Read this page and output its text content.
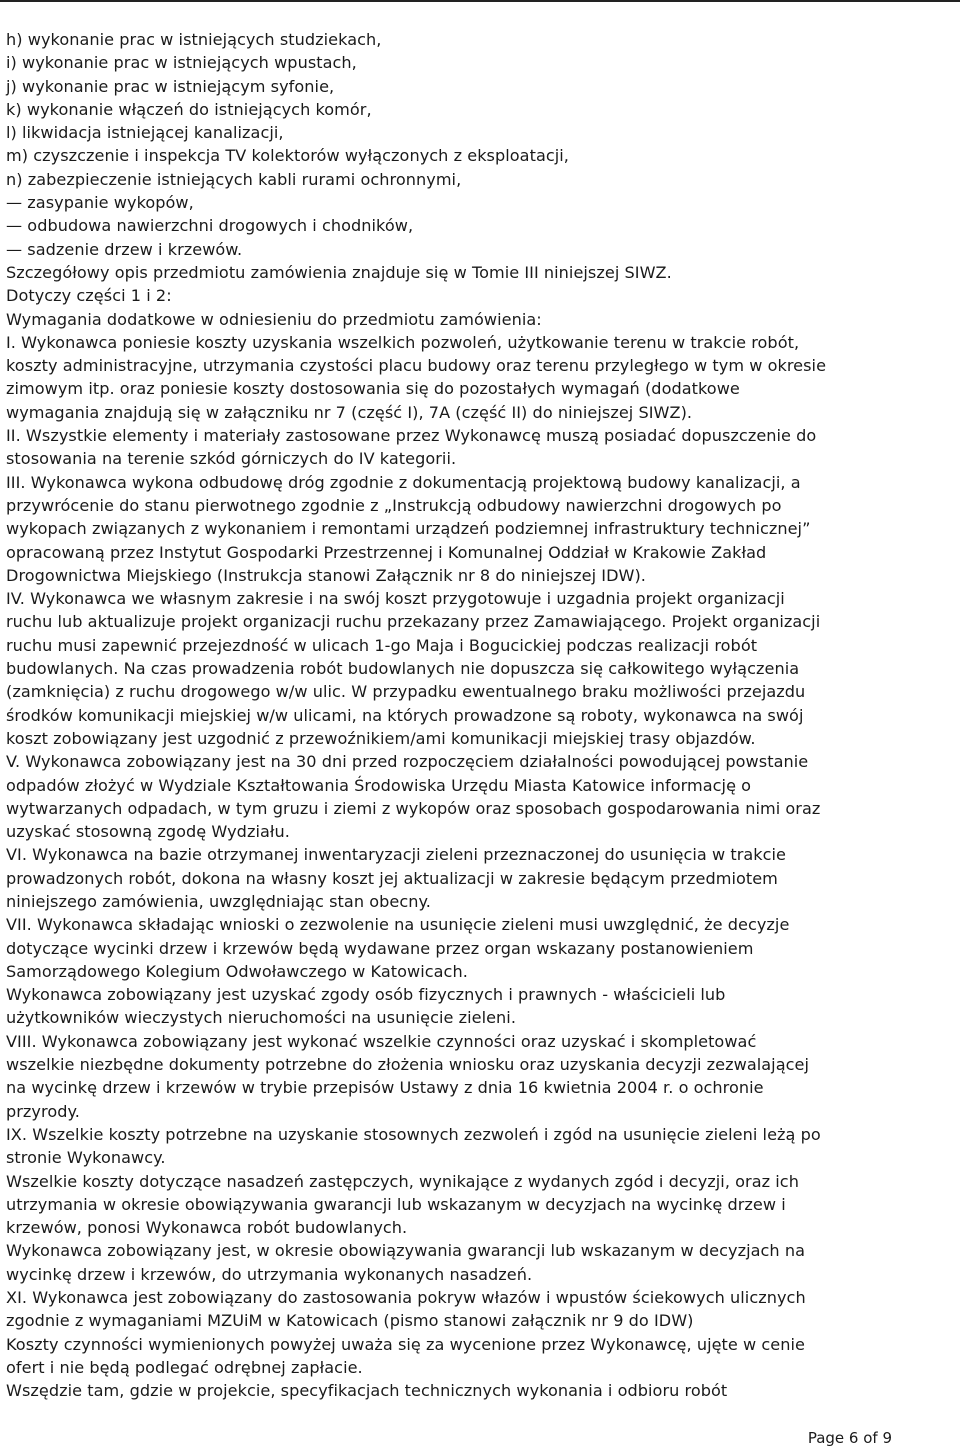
h) wykonanie prac w istniejących studziekach,
i) wykonanie prac w istniejących wpustach,
j) wykonanie prac w istniejącym syfonie,
k) wykonanie włączeń do istniejących komór,
l) likwidacja istniejącej kanalizacji,
m) czyszczenie i inspekcja TV kolektorów wyłączonych z eksploatacji,
n) zabezpieczenie istniejących kabli rurami ochronnymi,
— zasypanie wykopów,
— odbudowa nawierzchni drogowych i chodników,
— sadzenie drzew i krzewów.
Szczegółowy opis przedmiotu zamówienia znajduje się w Tomie III niniejszej SIWZ.
Dotyczy części 1 i 2:
Wymagania dodatkowe w odniesieniu do przedmiotu zamówienia:
I. Wykonawca poniesie koszty uzyskania wszelkich pozwoleń, użytkowanie terenu w trakcie robót,
koszty administracyjne, utrzymania czystości placu budowy oraz terenu przyległego w tym w okresie
zimowym itp. oraz poniesie koszty dostosowania się do pozostałych wymagań (dodatkowe
wymagania znajdują się w załączniku nr 7 (część I), 7A (część II) do niniejszej SIWZ).
II. Wszystkie elementy i materiały zastosowane przez Wykonawcę muszą posiadać dopuszczenie do
stosowania na terenie szkód górniczych do IV kategorii.
III. Wykonawca wykona odbudowę dróg zgodnie z dokumentacją projektową budowy kanalizacji, a
przywrócenie do stanu pierwotnego zgodnie z „Instrukcją odbudowy nawierzchni drogowych po
wykopach związanych z wykonaniem i remontami urządzeń podziemnej infrastruktury technicznej”
opracowaną przez Instytut Gospodarki Przestrzennej i Komunalnej Oddział w Krakowie Zakład
Drogownictwa Miejskiego (Instrukcja stanowi Załącznik nr 8 do niniejszej IDW).
IV. Wykonawca we własnym zakresie i na swój koszt przygotowuje i uzgadnia projekt organizacji
ruchu lub aktualizuje projekt organizacji ruchu przekazany przez Zamawiającego. Projekt organizacji
ruchu musi zapewnić przejezdność w ulicach 1-go Maja i Bogucickiej podczas realizacji robót
budowlanych. Na czas prowadzenia robót budowlanych nie dopuszcza się całkowitego wyłączenia
(zamknięcia) z ruchu drogowego w/w ulic. W przypadku ewentualnego braku możliwości przejazdu
środków komunikacji miejskiej w/w ulicami, na których prowadzone są roboty, wykonawca na swój
koszt zobowiązany jest uzgodnić z przewoźnikiem/ami komunikacji miejskiej trasy objazdów.
V. Wykonawca zobowiązany jest na 30 dni przed rozpoczęciem działalności powodującej powstanie
odpadów złożyć w Wydziale Kształtowania Środowiska Urzędu Miasta Katowice informację o
wytwarzanych odpadach, w tym gruzu i ziemi z wykopów oraz sposobach gospodarowania nimi oraz
uzyskać stosowną zgodę Wydziału.
VI. Wykonawca na bazie otrzymanej inwentaryzacji zieleni przeznaczonej do usunięcia w trakcie
prowadzonych robót, dokona na własny koszt jej aktualizacji w zakresie będącym przedmiotem
niniejszego zamówienia, uwzględniając stan obecny.
VII. Wykonawca składając wnioski o zezwolenie na usunięcie zieleni musi uwzględnić, że decyzje
dotyczące wycinki drzew i krzewów będą wydawane przez organ wskazany postanowieniem
Samorządowego Kolegium Odwoławczego w Katowicach.
Wykonawca zobowiązany jest uzyskać zgody osób fizycznych i prawnych - właścicieli lub
użytkowników wieczystych nieruchomości na usunięcie zieleni.
VIII. Wykonawca zobowiązany jest wykonać wszelkie czynności oraz uzyskać i skompletować
wszelkie niezbędne dokumenty potrzebne do złożenia wniosku oraz uzyskania decyzji zezwalającej
na wycinkę drzew i krzewów w trybie przepisów Ustawy z dnia 16 kwietnia 2004 r. o ochronie
przyrody.
IX. Wszelkie koszty potrzebne na uzyskanie stosownych zezwoleń i zgód na usunięcie zieleni leżą po
stronie Wykonawcy.
Wszelkie koszty dotyczące nasadzeń zastępczych, wynikające z wydanych zgód i decyzji, oraz ich
utrzymania w okresie obowiązywania gwarancji lub wskazanym w decyzjach na wycinkę drzew i
krzewów, ponosi Wykonawca robót budowlanych.
Wykonawca zobowiązany jest, w okresie obowiązywania gwarancji lub wskazanym w decyzjach na
wycinkę drzew i krzewów, do utrzymania wykonanych nasadzeń.
XI. Wykonawca jest zobowiązany do zastosowania pokryw włazów i wpustów ściekowych ulicznych
zgodnie z wymaganiami MZUiM w Katowicach (pismo stanowi załącznik nr 9 do IDW)
Koszty czynności wymienionych powyżej uważa się za wycenione przez Wykonawcę, ujęte w cenie
ofert i nie będą podlegać odrębnej zapłacie.
Wszędzie tam, gdzie w projekcie, specyfikacjach technicznych wykonania i odbioru robót
Page 6 of 9
